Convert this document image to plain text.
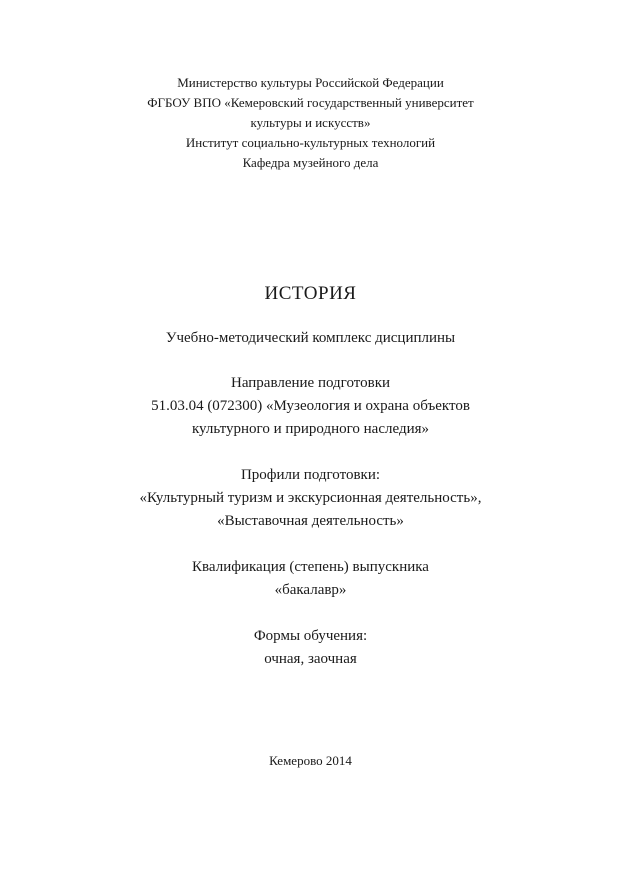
Министерство культуры Российской Федерации
ФГБОУ ВПО «Кемеровский государственный университет
культуры и искусств»
Институт социально-культурных технологий
Кафедра музейного дела
ИСТОРИЯ
Учебно-методический комплекс дисциплины
Направление подготовки
51.03.04 (072300) «Музеология и охрана объектов
культурного и природного наследия»
Профили подготовки:
«Культурный туризм и экскурсионная деятельность»,
«Выставочная деятельность»
Квалификация (степень) выпускника
«бакалавр»
Формы обучения:
очная, заочная
Кемерово 2014
